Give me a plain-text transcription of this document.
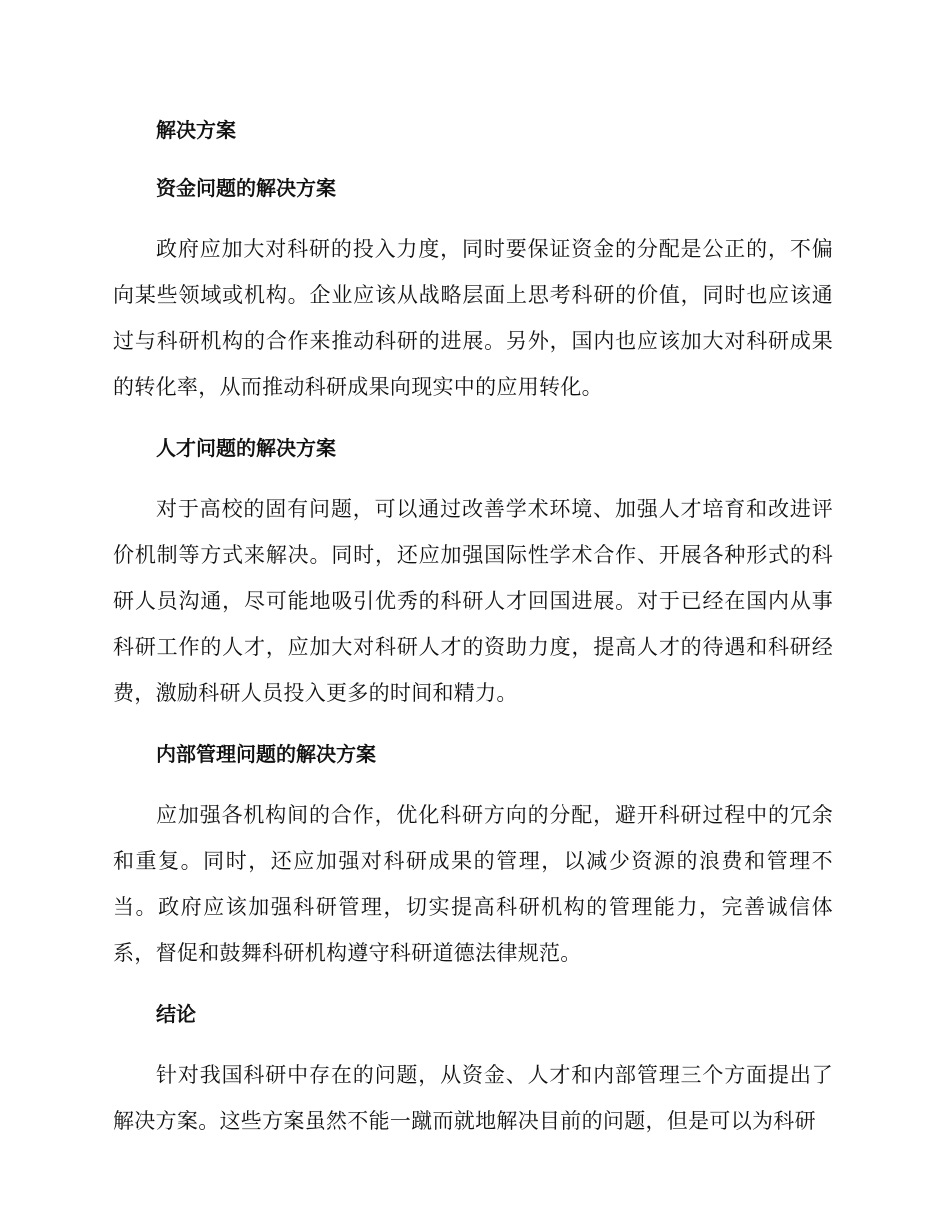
解决方案
资金问题的解决方案

政府应加大对科研的投入力度，同时要保证资金的分配是公正的，不偏向某些领域或机构。企业应该从战略层面上思考科研的价值，同时也应该通过与科研机构的合作来推动科研的进展。另外，国内也应该加大对科研成果的转化率，从而推动科研成果向现实中的应用转化。

人才问题的解决方案

对于高校的固有问题，可以通过改善学术环境、加强人才培育和改进评价机制等方式来解决。同时，还应加强国际性学术合作、开展各种形式的科研人员沟通，尽可能地吸引优秀的科研人才回国进展。对于已经在国内从事科研工作的人才，应加大对科研人才的资助力度，提高人才的待遇和科研经费，激励科研人员投入更多的时间和精力。

内部管理问题的解决方案

应加强各机构间的合作，优化科研方向的分配，避开科研过程中的冗余和重复。同时，还应加强对科研成果的管理，以减少资源的浪费和管理不当。政府应该加强科研管理，切实提高科研机构的管理能力，完善诚信体系，督促和鼓舞科研机构遵守科研道德法律规范。

结论

针对我国科研中存在的问题，从资金、人才和内部管理三个方面提出了解决方案。这些方案虽然不能一蹴而就地解决目前的问题，但是可以为科研
